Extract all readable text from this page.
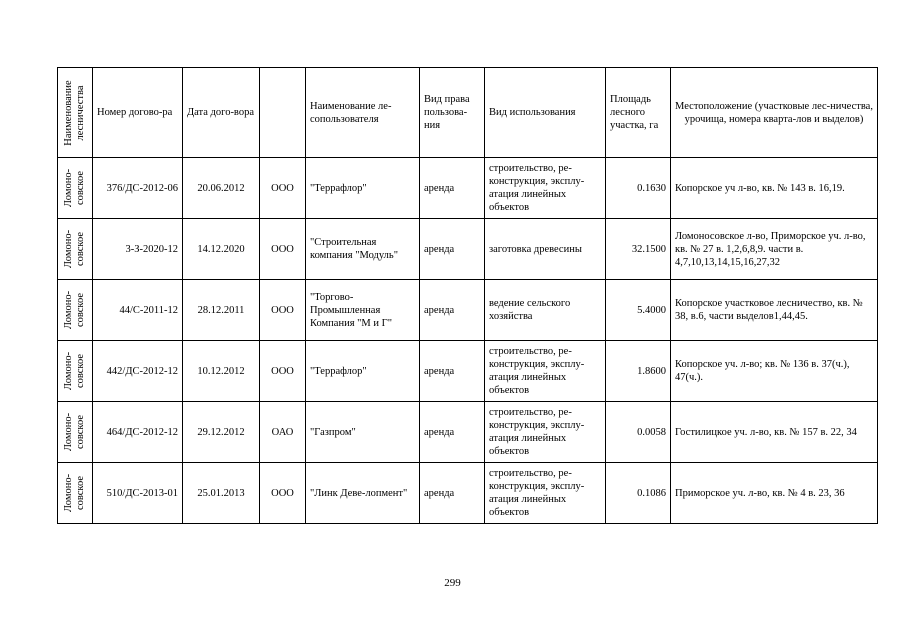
Наименование лесничества	Номер догово-ра	Дата дого-вора		Наименование ле-сопользователя	Вид права пользова-ния	Вид использования	Площадь лесного участка, га	Местоположение (участковые лес-ничества, урочища, номера кварта-лов и выделов)

Ломоно- совское	376/ДС-2012-06	20.06.2012	ООО	"Террафлор"	аренда	строительство, ре-конструкция, эксплу-атация линейных объектов	0.1630	Копорское уч л-во, кв. № 143 в. 16,19.

Ломоно- совское	3-З-2020-12	14.12.2020	ООО	"Строительная компания "Модуль"	аренда	заготовка древесины	32.1500	Ломоносовское л-во, Приморское уч. л-во, кв. № 27 в. 1,2,6,8,9. части в. 4,7,10,13,14,15,16,27,32

Ломоно- совское	44/С-2011-12	28.12.2011	ООО	"Торгово-Промышленная Компания "М и Г"	аренда	ведение сельского хозяйства	5.4000	Копорское участковое лесничество, кв. № 38, в.6, части выделов1,44,45.

Ломоно- совское	442/ДС-2012-12	10.12.2012	ООО	"Террафлор"	аренда	строительство, ре-конструкция, эксплу-атация линейных объектов	1.8600	Копорское уч. л-во; кв. № 136 в. 37(ч.), 47(ч.).

Ломоно- совское	464/ДС-2012-12	29.12.2012	ОАО	"Газпром"	аренда	строительство, ре-конструкция, эксплу-атация линейных объектов	0.0058	Гостилицкое уч. л-во, кв. № 157 в. 22, 34

Ломоно- совское	510/ДС-2013-01	25.01.2013	ООО	"Линк Деве-лопмент"	аренда	строительство, ре-конструкция, эксплу-атация линейных объектов	0.1086	Приморское уч. л-во, кв. № 4 в. 23, 36
299
